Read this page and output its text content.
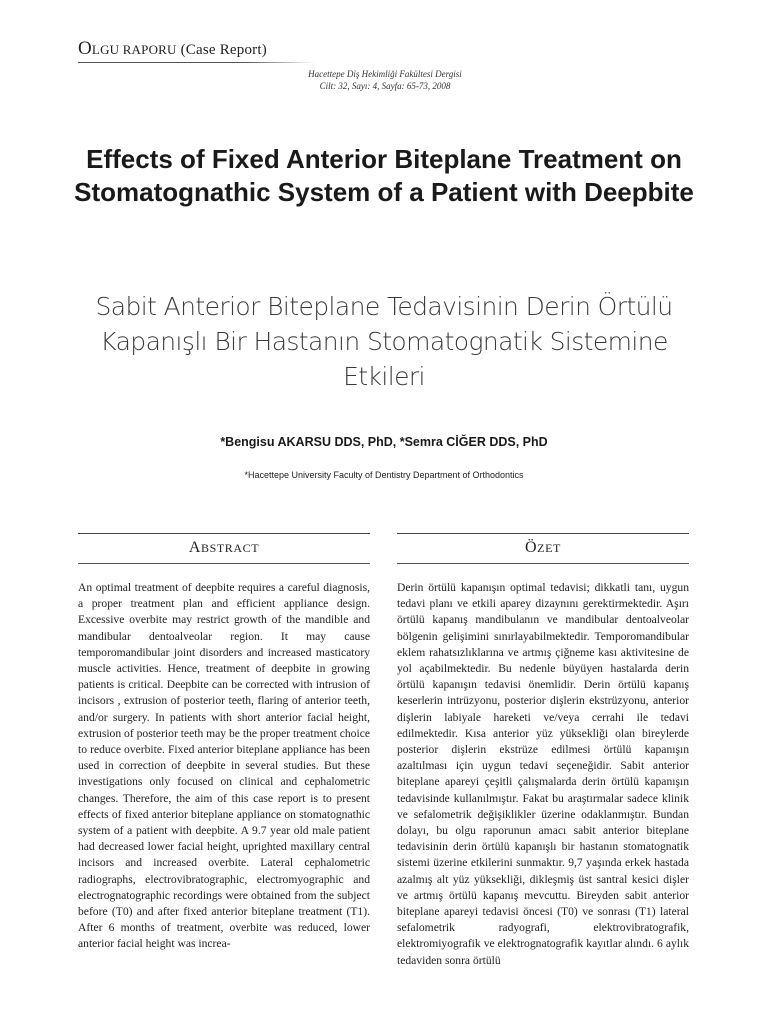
OLGU RAPORU (Case Report)
Hacettepe Diş Hekimliği Fakültesi Dergisi
Cilt: 32, Sayı: 4, Sayfa: 65-73, 2008
Effects of Fixed Anterior Biteplane Treatment on Stomatognathic System of a Patient with Deepbite
Sabit Anterior Biteplane Tedavisinin Derin Örtülü Kapanışlı Bir Hastanın Stomatognatik Sistemine Etkileri
*Bengisu AKARSU DDS, PhD, *Semra CİĞER DDS, PhD
*Hacettepe University Faculty of Dentistry Department of Orthodontics
ABSTRACT
An optimal treatment of deepbite requires a careful diagnosis, a proper treatment plan and efficient appliance design. Excessive overbite may restrict growth of the mandible and mandibular dentoalveolar region. It may cause temporomandibular joint disorders and increased masticatory muscle activities. Hence, treatment of deepbite in growing patients is critical. Deepbite can be corrected with intrusion of incisors , extrusion of posterior teeth, flaring of anterior teeth, and/or surgery. In patients with short anterior facial height, extrusion of posterior teeth may be the proper treatment choice to reduce overbite. Fixed anterior biteplane appliance has been used in correction of deepbite in several studies. But these investigations only focused on clinical and cephalometric changes. Therefore, the aim of this case report is to present effects of fixed anterior biteplane appliance on stomatognathic system of a patient with deepbite. A 9.7 year old male patient had decreased lower facial height, uprighted maxillary central incisors and increased overbite. Lateral cephalometric radiographs, electrovibratographic, electromyographic and electrognatographic recordings were obtained from the subject before (T0) and after fixed anterior biteplane treatment (T1). After 6 months of treatment, overbite was reduced, lower anterior facial height was increa-
ÖZET
Derin örtülü kapanışın optimal tedavisi; dikkatli tanı, uygun tedavi planı ve etkili aparey dizaynını gerektirmektedir. Aşırı örtülü kapanış mandibulanın ve mandibular dentoalveolar bölgenin gelişimini sınırlayabilmektedir. Temporomandibular eklem rahatsızlıklarına ve artmış çiğneme kası aktivitesine de yol açabilmektedir. Bu nedenle büyüyen hastalarda derin örtülü kapanışın tedavisi önemlidir. Derin örtülü kapanış keserlerin intrüzyonu, posterior dişlerin ekstrüzyonu, anterior dişlerin labiyale hareketi ve/veya cerrahi ile tedavi edilmektedir. Kısa anterior yüz yüksekliği olan bireylerde posterior dişlerin ekstrüze edilmesi örtülü kapanışın azaltılması için uygun tedavi seçeneğidir. Sabit anterior biteplane apareyi çeşitli çalışmalarda derin örtülü kapanışın tedavisinde kullanılmıştır. Fakat bu araştırmalar sadece klinik ve sefalometrik değişiklikler üzerine odaklanmıştır. Bundan dolayı, bu olgu raporunun amacı sabit anterior biteplane tedavisinin derin örtülü kapanışlı bir hastanın stomatognatik sistemi üzerine etkilerini sunmaktır. 9,7 yaşında erkek hastada azalmış alt yüz yüksekliği, dikleşmiş üst santral kesici dişler ve artmış örtülü kapanış mevcuttu. Bireyden sabit anterior biteplane apareyi tedavisi öncesi (T0) ve sonrası (T1) lateral sefalometrik radyografi, elektrovibratografik, elektromiyografik ve elektrognatografik kayıtlar alındı. 6 aylık tedaviden sonra örtülü
